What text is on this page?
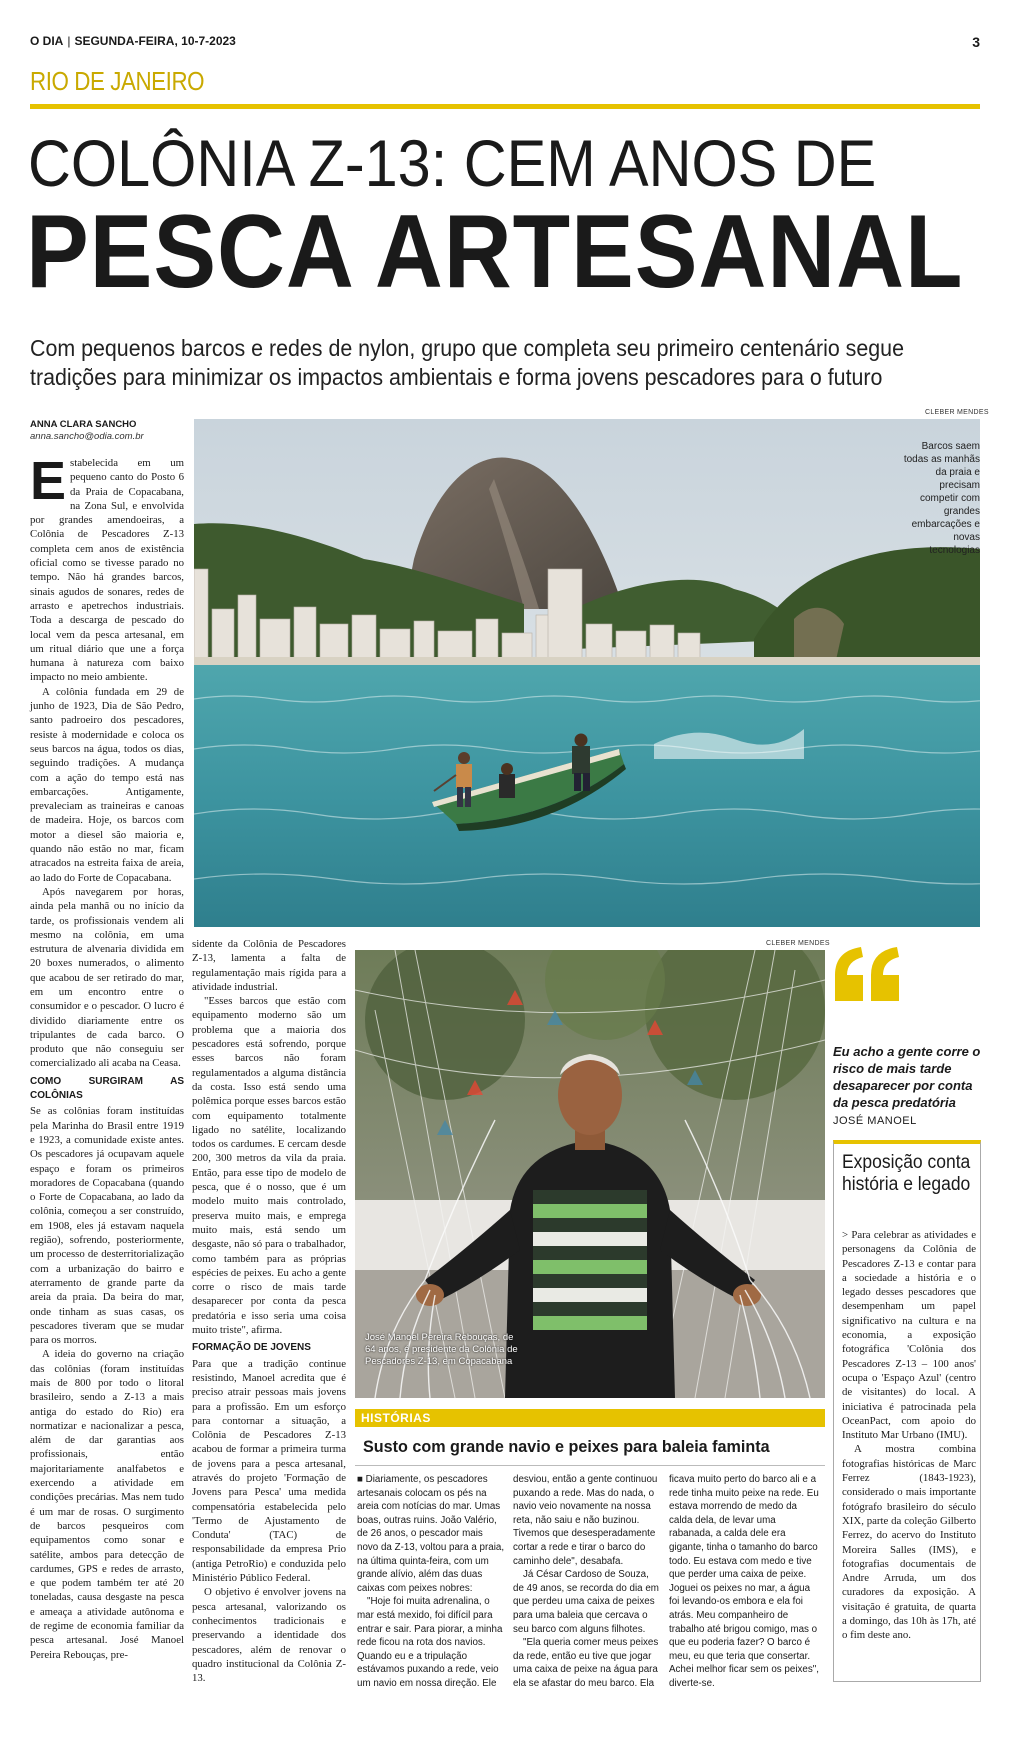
O DIA | SEGUNDA-FEIRA, 10-7-2023	3
RIO DE JANEIRO
COLÔNIA Z-13: CEM ANOS DE
PESCA ARTESANAL
Com pequenos barcos e redes de nylon, grupo que completa seu primeiro centenário segue tradições para minimizar os impactos ambientais e forma jovens pescadores para o futuro
ANNA CLARA SANCHO
anna.sancho@odia.com.br
CLEBER MENDES
Barcos saem todas as manhãs da praia e precisam competir com grandes embarcações e novas tecnologias

Estabelecida em um pequeno canto do Posto 6 da Praia de Copacabana, na Zona Sul, e envolvida por grandes amendoeiras, a Colônia de Pescadores Z-13 completa cem anos de existência oficial como se tivesse parado no tempo. Não há grandes barcos, sinais agudos de sonares, redes de arrasto e apetrechos industriais. Toda a descarga de pescado do local vem da pesca artesanal, em um ritual diário que une a força humana à natureza com baixo impacto no meio ambiente.

A colônia fundada em 29 de junho de 1923, Dia de São Pedro, santo padroeiro dos pescadores, resiste à modernidade e coloca os seus barcos na água, todos os dias, seguindo tradições. A mudança com a ação do tempo está nas embarcações. Antigamente, prevaleciam as traineiras e canoas de madeira. Hoje, os barcos com motor a diesel são maioria e, quando não estão no mar, ficam atracados na estreita faixa de areia, ao lado do Forte de Copacabana.

Após navegarem por horas, ainda pela manhã ou no início da tarde, os profissionais vendem ali mesmo na colônia, em uma estrutura de alvenaria dividida em 20 boxes numerados, o alimento que acabou de ser retirado do mar, em um encontro entre o consumidor e o pescador. O lucro é dividido diariamente entre os tripulantes de cada barco. O produto que não conseguiu ser comercializado ali acaba na Ceasa.

COMO SURGIRAM AS COLÔNIAS

Se as colônias foram instituídas pela Marinha do Brasil entre 1919 e 1923, a comunidade existe antes. Os pescadores já ocupavam aquele espaço e foram os primeiros moradores de Copacabana (quando o Forte de Copacabana, ao lado da colônia, começou a ser construído, em 1908, eles já estavam naquela região), sofrendo, posteriormente, um processo de desterritorialização com a urbanização do bairro e aterramento de grande parte da areia da praia. Da beira do mar, onde tinham as suas casas, os pescadores tiveram que se mudar para os morros.

A ideia do governo na criação das colônias (foram instituídas mais de 800 por todo o litoral brasileiro, sendo a Z-13 a mais antiga do estado do Rio) era normatizar e nacionalizar a pesca, além de dar garantias aos profissionais, então majoritariamente analfabetos e exercendo a atividade em condições precárias. Mas nem tudo é um mar de rosas. O surgimento de barcos pesqueiros com equipamentos como sonar e satélite, ambos para detecção de cardumes, GPS e redes de arrasto, e que podem também ter até 20 toneladas, causa desgaste na pesca e ameaça a atividade autônoma e de regime de economia familiar da pesca artesanal. José Manoel Pereira Rebouças, pre-

sidente da Colônia de Pescadores Z-13, lamenta a falta de regulamentação mais rígida para a atividade industrial.

"Esses barcos que estão com equipamento moderno são um problema que a maioria dos pescadores está sofrendo, porque esses barcos não foram regulamentados a alguma distância da costa. Isso está sendo uma polêmica porque esses barcos estão com equipamento totalmente ligado no satélite, localizando todos os cardumes. E cercam desde 200, 300 metros da vila da praia. Então, para esse tipo de modelo de pesca, que é o nosso, que é um modelo muito mais controlado, preserva muito mais, e emprega muito mais, está sendo um desgaste, não só para o trabalhador, como também para as próprias espécies de peixes. Eu acho a gente corre o risco de mais tarde desaparecer por conta da pesca predatória e isso seria uma coisa muito triste", afirma.

FORMAÇÃO DE JOVENS

Para que a tradição continue resistindo, Manoel acredita que é preciso atrair pessoas mais jovens para a profissão. Em um esforço para contornar a situação, a Colônia de Pescadores Z-13 acabou de formar a primeira turma de jovens para a pesca artesanal, através do projeto 'Formação de Jovens para Pesca' uma medida compensatória estabelecida pelo 'Termo de Ajustamento de Conduta' (TAC) de responsabilidade da empresa Prio (antiga PetroRio) e conduzida pelo Ministério Público Federal.

O objetivo é envolver jovens na pesca artesanal, valorizando os conhecimentos tradicionais e preservando a identidade dos pescadores, além de renovar o quadro institucional da Colônia Z-13.

CLEBER MENDES
José Manoel Pereira Rebouças, de 64 anos, é presidente da Colônia de Pescadores Z-13, em Copacabana
Eu acho a gente corre o risco de mais tarde desaparecer por conta da pesca predatória
JOSÉ MANOEL
Exposição conta história e legado

> Para celebrar as atividades e personagens da Colônia de Pescadores Z-13 e contar para a sociedade a história e o legado desses pescadores que desempenham um papel significativo na cultura e na economia, a exposição fotográfica 'Colônia dos Pescadores Z-13 – 100 anos' ocupa o 'Espaço Azul' (centro de visitantes) do local. A iniciativa é patrocinada pela OceanPact, com apoio do Instituto Mar Urbano (IMU).

A mostra combina fotografias históricas de Marc Ferrez (1843-1923), considerado o mais importante fotógrafo brasileiro do século XIX, parte da coleção Gilberto Ferrez, do acervo do Instituto Moreira Salles (IMS), e fotografias documentais de Andre Arruda, um dos curadores da exposição. A visitação é gratuita, de quarta a domingo, das 10h às 17h, até o fim deste ano.

HISTÓRIAS
Susto com grande navio e peixes para baleia faminta

■ Diariamente, os pescadores artesanais colocam os pés na areia com notícias do mar. Umas boas, outras ruins. João Valério, de 26 anos, o pescador mais novo da Z-13, voltou para a praia, na última quinta-feira, com um grande alívio, além das duas caixas com peixes nobres:

"Hoje foi muita adrenalina, o mar está mexido, foi difícil para entrar e sair. Para piorar, a minha rede ficou na rota dos navios. Quando eu e a tripulação estávamos puxando a rede, veio um navio em nossa direção. Ele

desviou, então a gente continuou puxando a rede. Mas do nada, o navio veio novamente na nossa reta, não saiu e não buzinou. Tivemos que desesperadamente cortar a rede e tirar o barco do caminho dele", desabafa.

Já César Cardoso de Souza, de 49 anos, se recorda do dia em que perdeu uma caixa de peixes para uma baleia que cercava o seu barco com alguns filhotes.

"Ela queria comer meus peixes da rede, então eu tive que jogar uma caixa de peixe na água para ela se afastar do meu barco. Ela

ficava muito perto do barco ali e a rede tinha muito peixe na rede. Eu estava morrendo de medo da calda dela, de levar uma rabanada, a calda dele era gigante, tinha o tamanho do barco todo. Eu estava com medo e tive que perder uma caixa de peixe. Joguei os peixes no mar, a água foi levando-os embora e ela foi atrás. Meu companheiro de trabalho até brigou comigo, mas o que eu poderia fazer? O barco é meu, eu que teria que consertar. Achei melhor ficar sem os peixes", diverte-se.
